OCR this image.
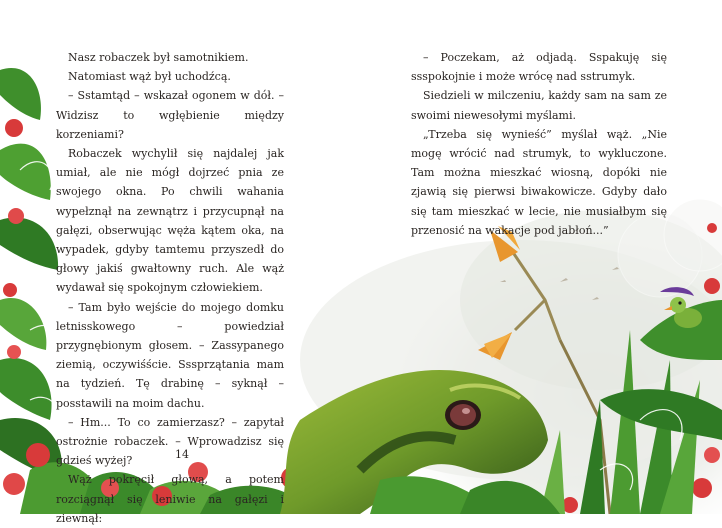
Nasz robaczek był samotnikiem.

Natomiast wąż był uchodźcą.

– Sstamtąd – wskazał ogonem w dół. – Widzisz to wgłębienie między korzeniami?

Robaczek wychylił się najdalej jak umiał, ale nie mógł dojrzeć pnia ze swojego okna. Po chwili wahania wypełznął na zewnątrz i przycupnął na gałęzi, obserwując węża kątem oka, na wypadek, gdyby tamtemu przyszedł do głowy jakiś gwałtowny ruch. Ale wąż wydawał się spokojnym człowiekiem.

– Tam było wejście do mojego domku letnisskowego – powiedział przygnębionym głosem. – Zassypanego ziemią, oczywiśście. Sssprzątania mam na tydzień. Tę drabinę – syknął – posstawili na moim dachu.

– Hm... To co zamierzasz? – zapytał ostrożnie robaczek. – Wprowadzisz się gdzieś wyżej?

Wąż pokręcił głową, a potem rozciągnął się leniwie na gałęzi i ziewnął:

– Poczekam, aż odjadą. Sspakuję się ssspokojnie i może wrócę nad sstrumyk.

Siedzieli w milczeniu, każdy sam na sam ze swoimi niewesołymi myślami.

„Trzeba się wynieść” myślał wąż. „Nie mogę wrócić nad strumyk, to wykluczone. Tam można mieszkać wiosną, dopóki nie zjawią się pierwsi biwakowicze. Gdyby dało się tam mieszkać w lecie, nie musiałbym się przenosić na wakacje pod jabłoń...”

14
